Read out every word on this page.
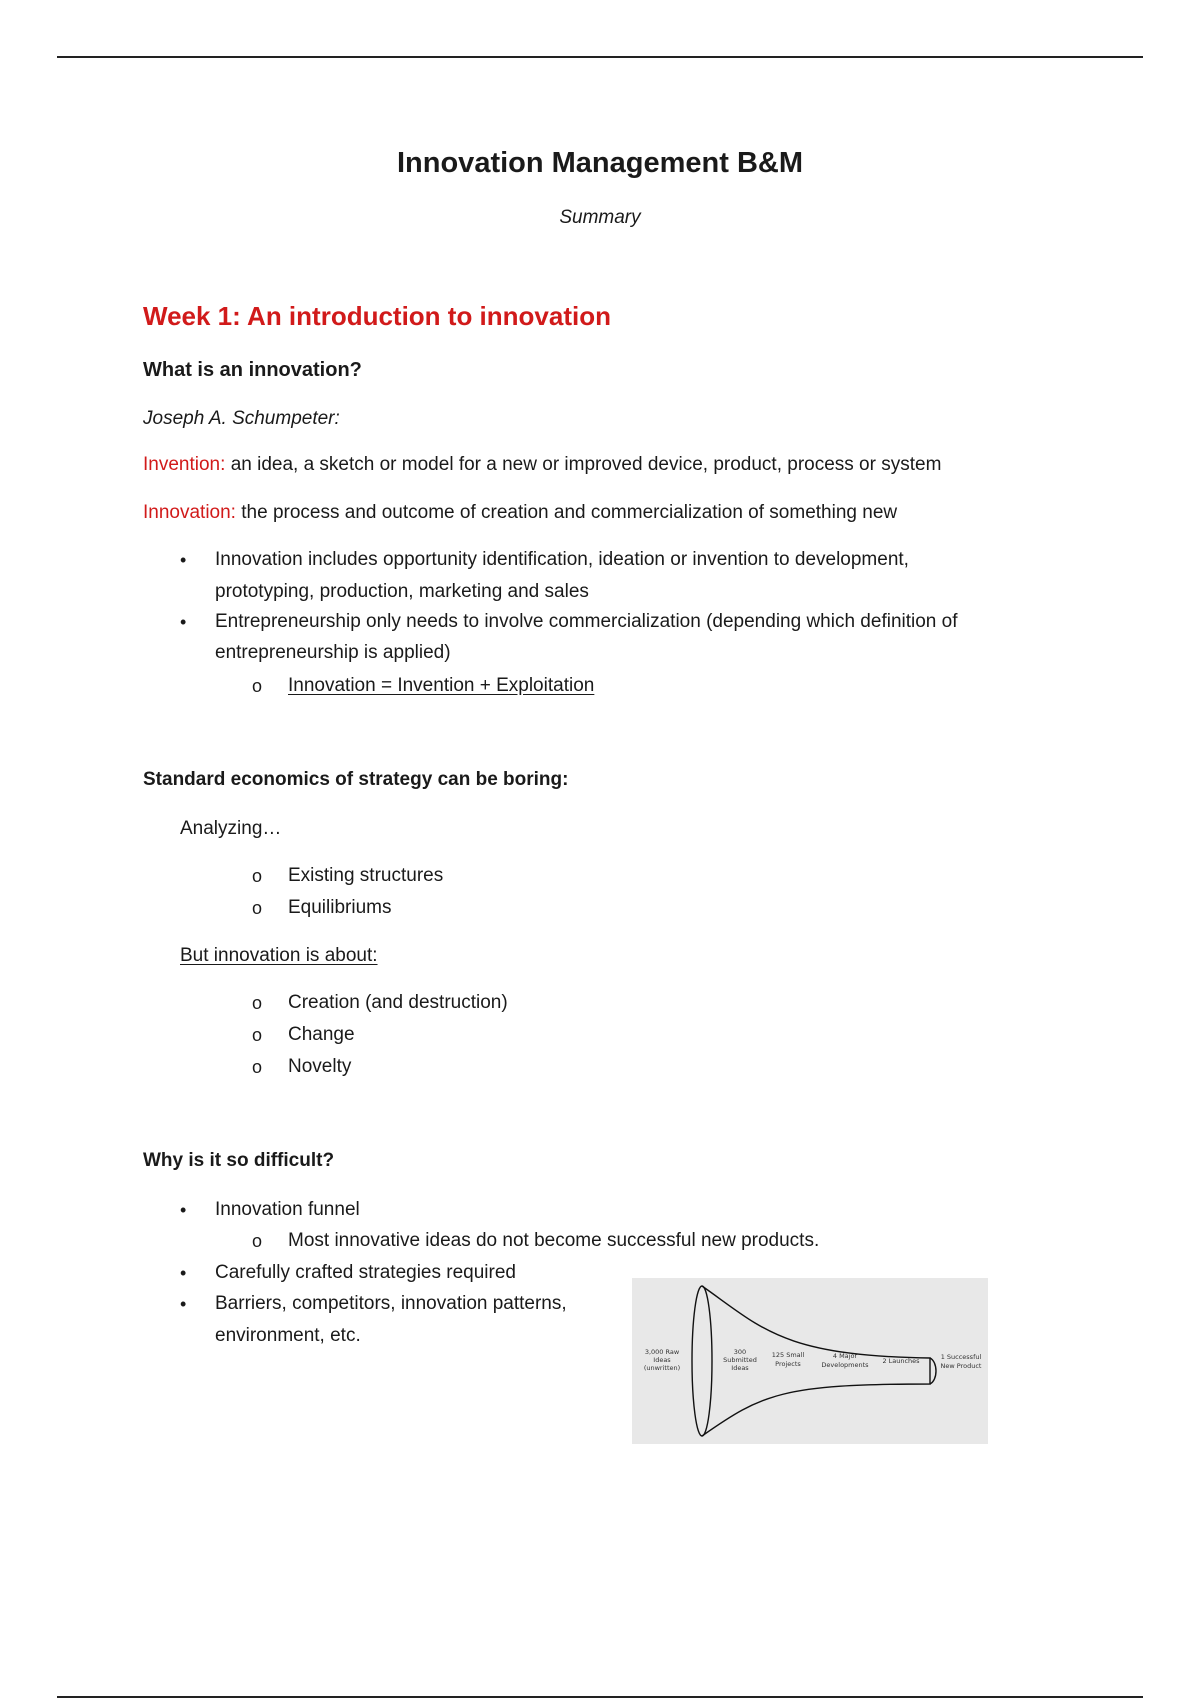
Innovation Management B&M
Summary
Week 1: An introduction to innovation
What is an innovation?
Joseph A. Schumpeter:
Invention: an idea, a sketch or model for a new or improved device, product, process or system
Innovation: the process and outcome of creation and commercialization of something new
• Innovation includes opportunity identification, ideation or invention to development,
prototyping, production, marketing and sales
• Entrepreneurship only needs to involve commercialization (depending which definition of
entrepreneurship is applied)
o Innovation = Invention + Exploitation
Standard economics of strategy can be boring:
Analyzing…
o Existing structures
o Equilibriums
But innovation is about:
o Creation (and destruction)
o Change
o Novelty
Why is it so difficult?
• Innovation funnel
o Most innovative ideas do not become successful new products.
• Carefully crafted strategies required
• Barriers, competitors, innovation patterns,
environment, etc.
3,000 Raw
Ideas
(unwritten)
300
Submitted
Ideas
125 Small
Projects
4 Major
Developments 2 Launches	1 Successful
New Product
